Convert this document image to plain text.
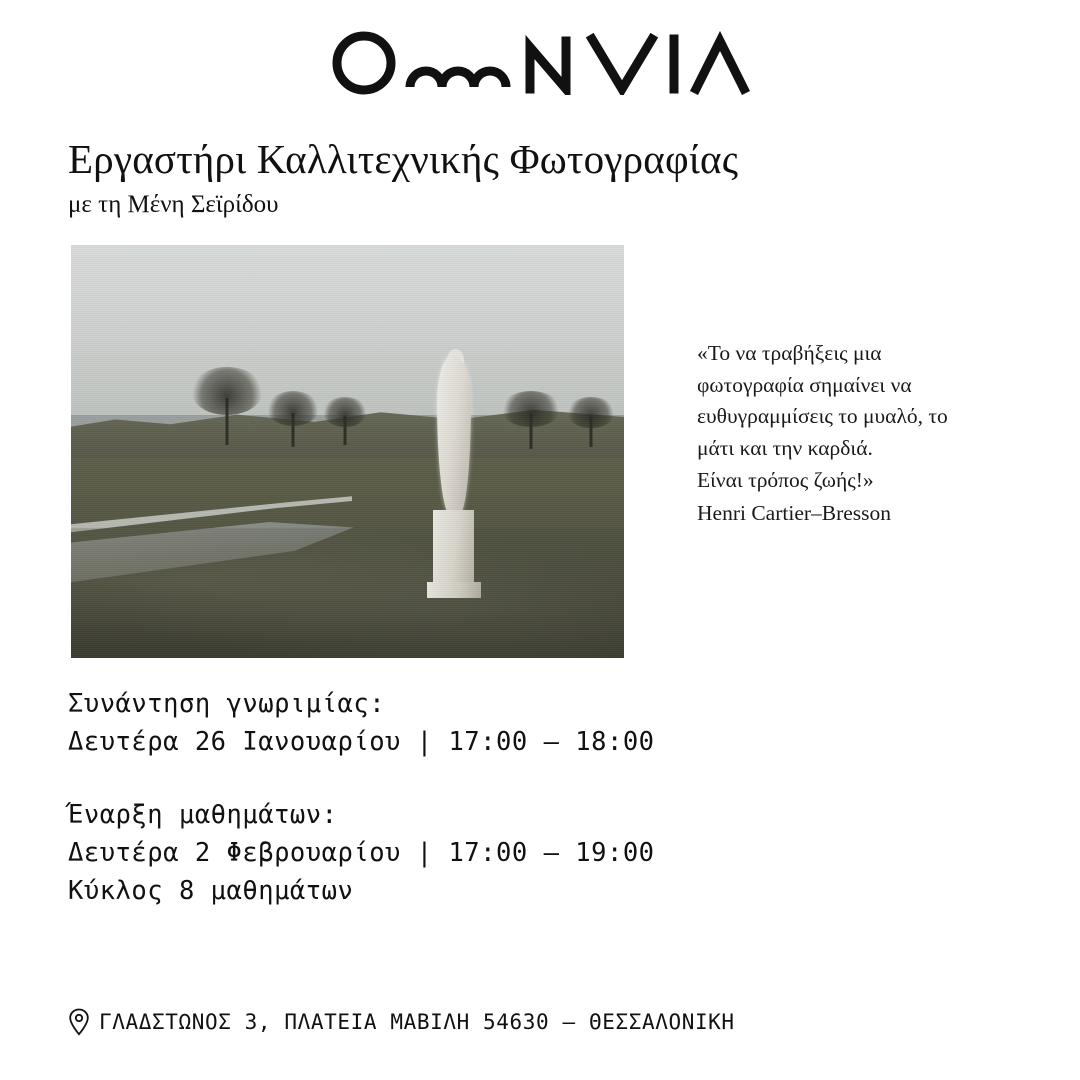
Εργαστήρι Καλλιτεχνικής Φωτογραφίας
με τη Μένη Σεϊρίδου
«Το να τραβήξεις μια φωτογραφία σημαίνει να ευθυγραμμίσεις το μυαλό, το μάτι και την καρδιά.
Είναι τρόπος ζωής!»
Henri Cartier–Bresson
Συνάντηση γνωριμίας:
Δευτέρα 26 Ιανουαρίου | 17:00 – 18:00
Έναρξη μαθημάτων:
Δευτέρα 2 Φεβρουαρίου | 17:00 – 19:00
Κύκλος 8 μαθημάτων
ΓΛΑΔΣΤΩΝΟΣ 3, ΠΛΑΤΕΙΑ ΜΑΒΙΛΗ 54630 – ΘΕΣΣΑΛΟΝΙΚΗ
